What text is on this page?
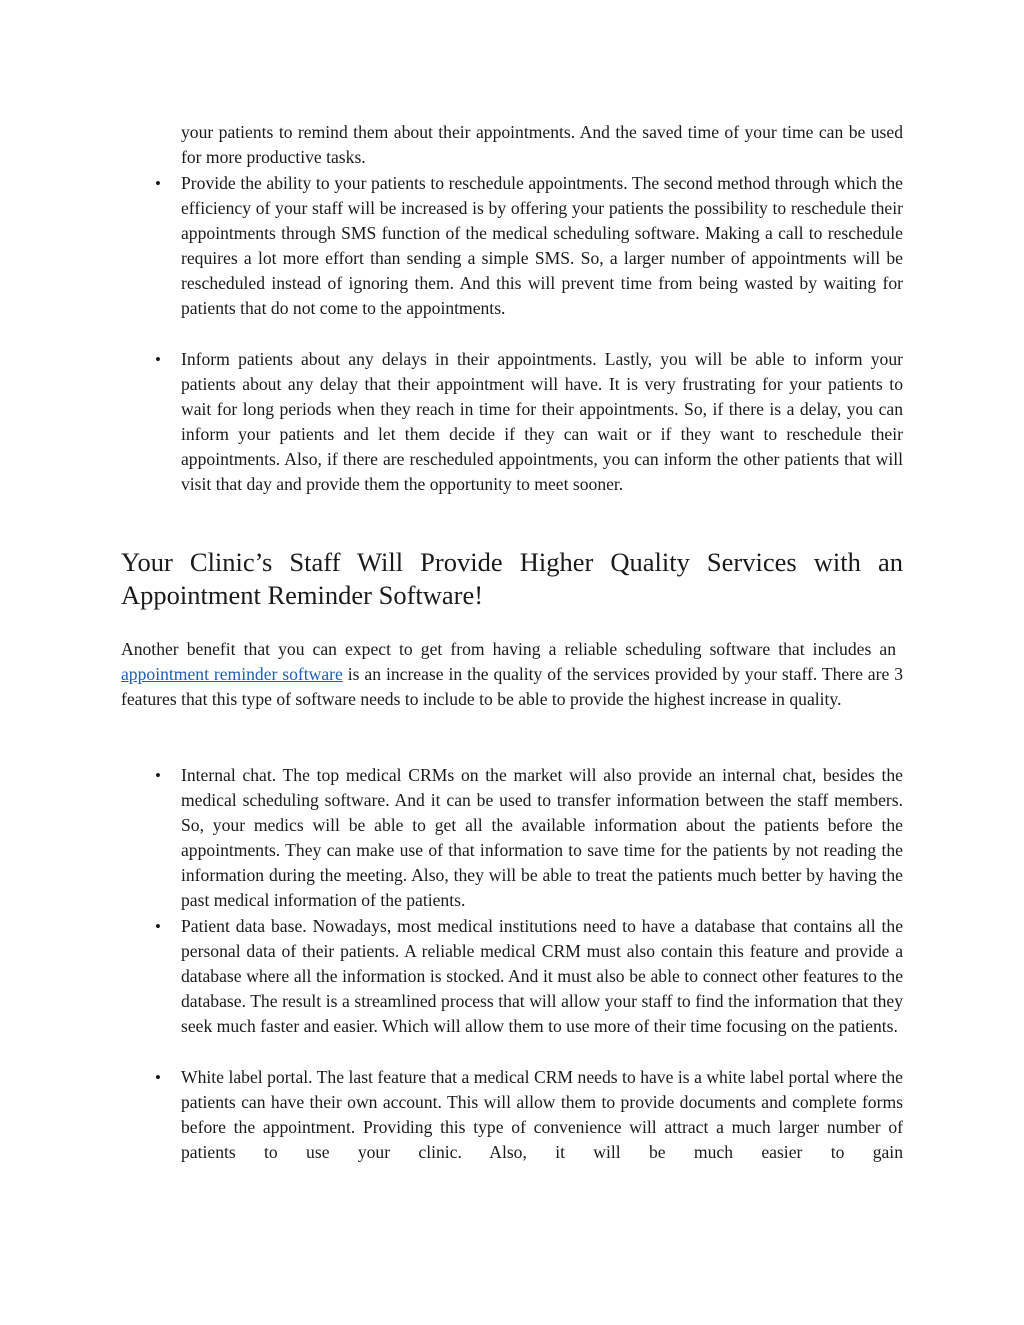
your patients to remind them about their appointments. And the saved time of your time can be used for more productive tasks.

• Provide the ability to your patients to reschedule appointments. The second method through which the efficiency of your staff will be increased is by offering your patients the possibility to reschedule their appointments through SMS function of the medical scheduling software. Making a call to reschedule requires a lot more effort than sending a simple SMS. So, a larger number of appointments will be rescheduled instead of ignoring them. And this will prevent time from being wasted by waiting for patients that do not come to the appointments.

• Inform patients about any delays in their appointments. Lastly, you will be able to inform your patients about any delay that their appointment will have. It is very frustrating for your patients to wait for long periods when they reach in time for their appointments. So, if there is a delay, you can inform your patients and let them decide if they can wait or if they want to reschedule their appointments. Also, if there are rescheduled appointments, you can inform the other patients that will visit that day and provide them the opportunity to meet sooner.

Your Clinic’s Staff Will Provide Higher Quality Services with an Appointment Reminder Software!

Another benefit that you can expect to get from having a reliable scheduling software that includes an appointment reminder software is an increase in the quality of the services provided by your staff. There are 3 features that this type of software needs to include to be able to provide the highest increase in quality.

• Internal chat. The top medical CRMs on the market will also provide an internal chat, besides the medical scheduling software. And it can be used to transfer information between the staff members. So, your medics will be able to get all the available information about the patients before the appointments. They can make use of that information to save time for the patients by not reading the information during the meeting. Also, they will be able to treat the patients much better by having the past medical information of the patients.

• Patient data base. Nowadays, most medical institutions need to have a database that contains all the personal data of their patients. A reliable medical CRM must also contain this feature and provide a database where all the information is stocked. And it must also be able to connect other features to the database. The result is a streamlined process that will allow your staff to find the information that they seek much faster and easier. Which will allow them to use more of their time focusing on the patients.

• White label portal. The last feature that a medical CRM needs to have is a white label portal where the patients can have their own account. This will allow them to provide documents and complete forms before the appointment. Providing this type of convenience will attract a much larger number of patients to use your clinic. Also, it will be much easier to gain
